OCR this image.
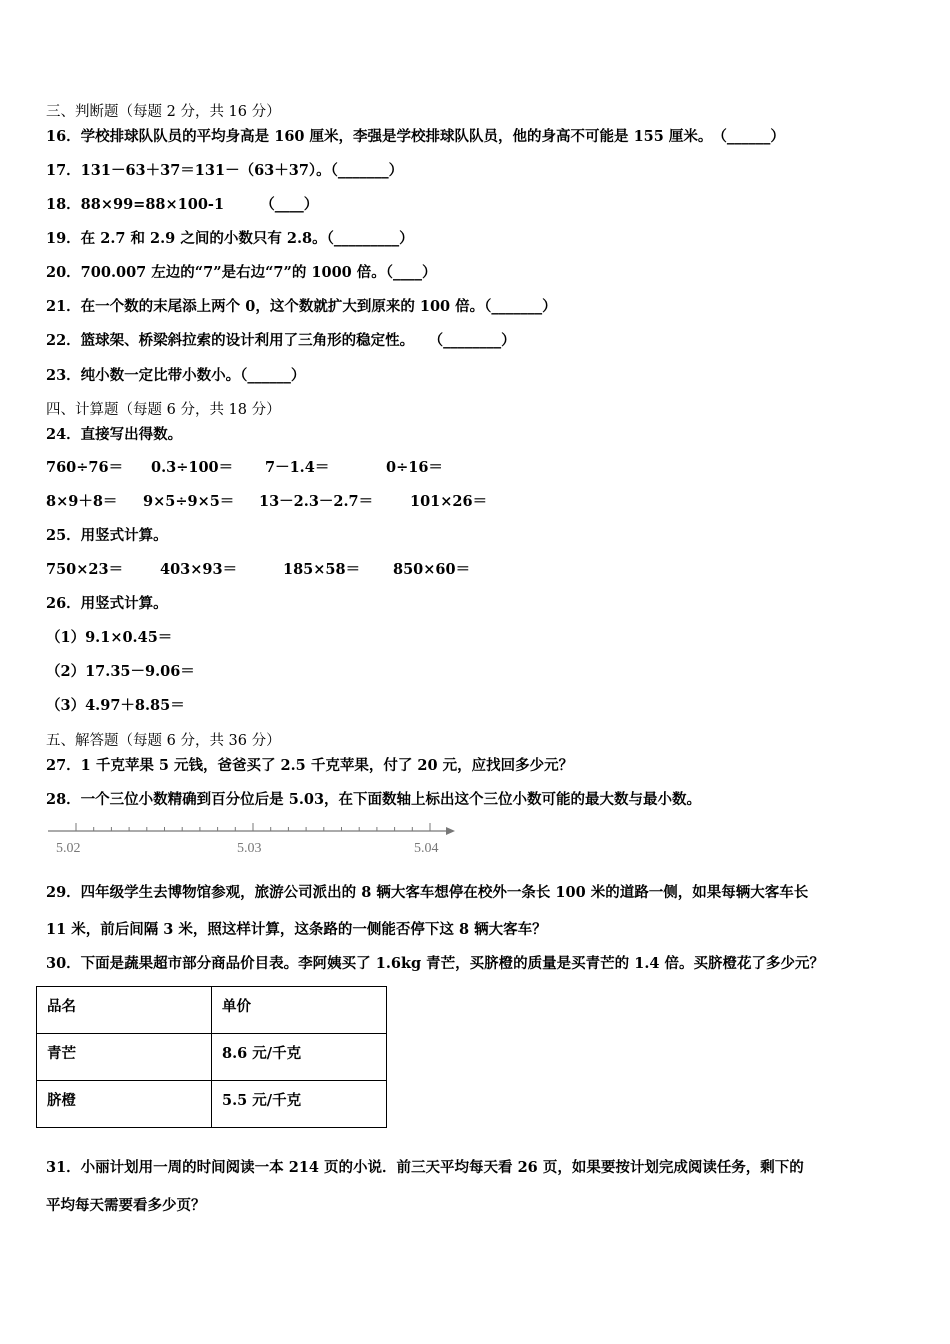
三、判断题（每题 2 分，共 16 分）
16．学校排球队队员的平均身高是 160 厘米，李强是学校排球队队员，他的身高不可能是 155 厘米。　（______）
17．131－63＋37＝131－（63＋37）。（_______）
18．88×99=88×100-1　　　（____）
19．在 2.7 和 2.9 之间的小数只有 2.8。（_________）
20．700.007 左边的“7”是右边“7”的 1000 倍。（____）
21．在一个数的末尾添上两个 0，这个数就扩大到原来的 100 倍。（_______）
22．篮球架、桥梁斜拉索的设计利用了三角形的稳定性。　　（________）
23．纯小数一定比带小数小。（______）
四、计算题（每题 6 分，共 18 分）
24．直接写出得数。
760÷76＝ 0.3÷100＝ 7－1.4＝	0÷16＝
8×9＋8＝ 9×5÷9×5＝ 13－2.3－2.7＝	101×26＝
25．用竖式计算。
750×23＝	403×93＝	185×58＝ 850×60＝
26．用竖式计算。
（1）9.1×0.45＝
（2）17.35－9.06＝
（3）4.97＋8.85＝
五、解答题（每题 6 分，共 36 分）
27．1 千克苹果 5 元钱，爸爸买了 2.5 千克苹果，付了 20 元，应找回多少元？
28．一个三位小数精确到百分位后是 5.03，在下面数轴上标出这个三位小数可能的最大数与最小数。
5.02	5.03	5.04
29．四年级学生去博物馆参观，旅游公司派出的 8 辆大客车想停在校外一条长 100 米的道路一侧，如果每辆大客车长
11 米，前后间隔 3 米，照这样计算，这条路的一侧能否停下这 8 辆大客车？
30．下面是蔬果超市部分商品价目表。李阿姨买了 1.6kg 青芒，买脐橙的质量是买青芒的 1.4 倍。买脐橙花了多少元？
品名	单价

青芒	8.6 元/千克

脐橙	5.5 元/千克
31．小丽计划用一周的时间阅读一本 214 页的小说．前三天平均每天看 26 页，如果要按计划完成阅读任务，剩下的
平均每天需要看多少页？
